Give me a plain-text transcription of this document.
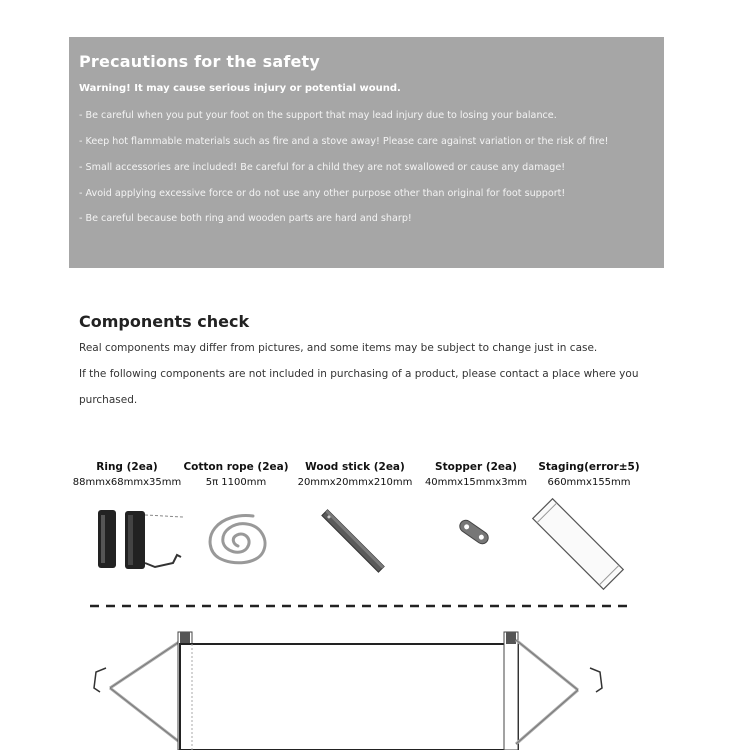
Precautions for the safety
Warning! It may cause serious injury or potential wound.
- Be careful when you put your foot on the support that may lead injury due to losing your balance.
- Keep hot flammable materials such as fire and a stove away! Please care against variation or the risk of fire!
- Small accessories are included! Be careful for a child they are not swallowed or cause any damage!
- Avoid applying excessive force or do not use any other purpose other than original for foot support!
- Be careful because both ring and wooden parts are hard and sharp!
Components check
Real components may differ from pictures, and some items may be subject to change just in case.
If the following components are not included in purchasing of a product, please contact a place where you
purchased.
Ring (2ea)
88mmx68mmx35mm
Cotton rope (2ea)
5π 1100mm
Wood stick (2ea)
20mmx20mmx210mm
Stopper (2ea)
40mmx15mmx3mm
Staging(error±5)
660mmx155mm
